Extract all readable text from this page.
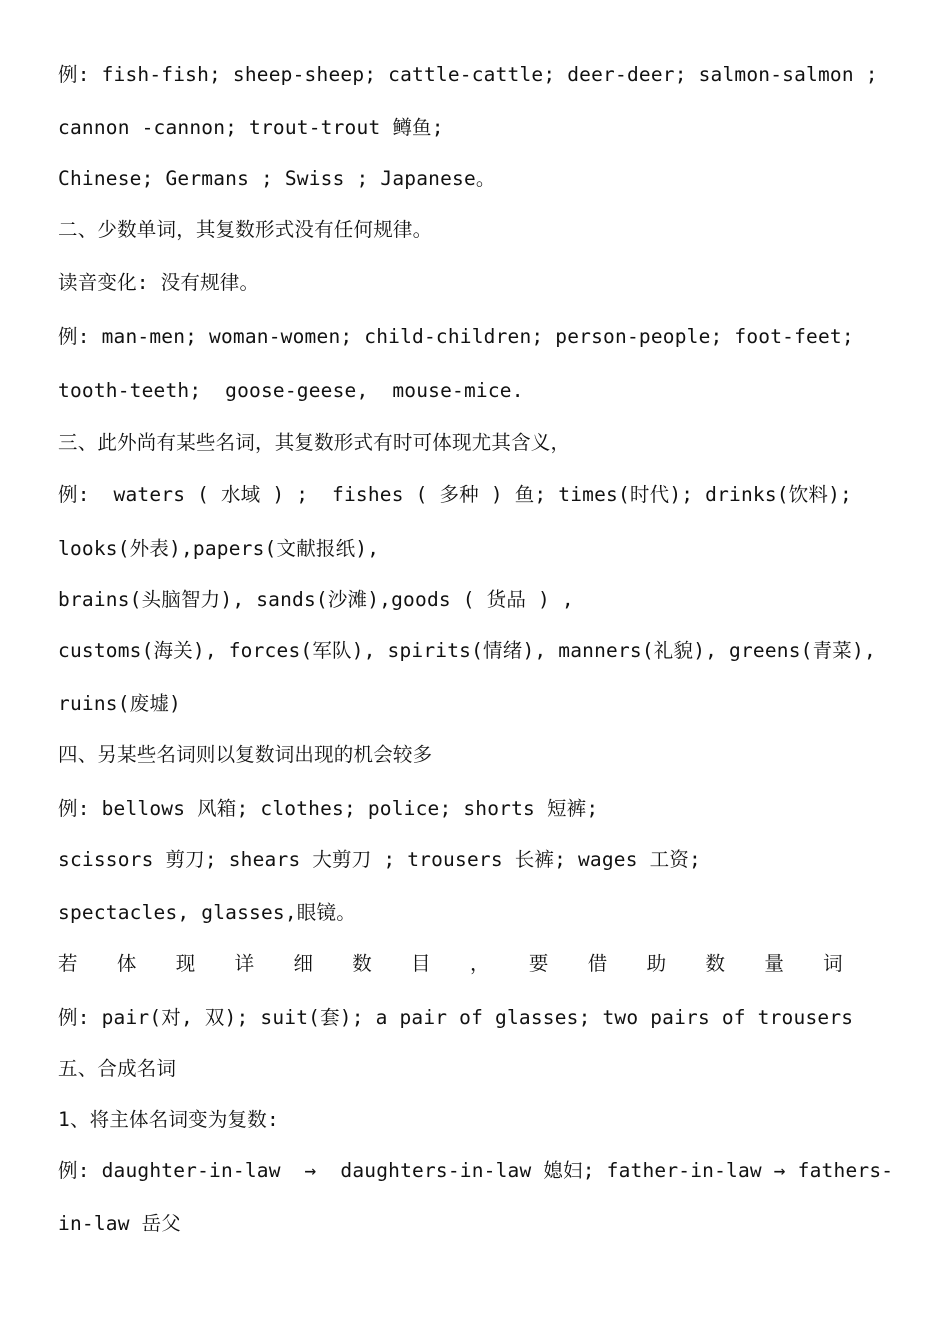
例: fish-fish; sheep-sheep; cattle-cattle; deer-deer; salmon-salmon ;
cannon -cannon; trout-trout 鳟鱼;
Chinese; Germans ; Swiss ; Japanese。
二、少数单词，其复数形式没有任何规律。
读音变化: 没有规律。
例: man-men; woman-women; child-children; person-people; foot-feet;
tooth-teeth;  goose-geese,  mouse-mice.
三、此外尚有某些名词，其复数形式有时可体现尤其含义，
例:  waters ( 水域 ) ;  fishes ( 多种 ) 鱼; times(时代); drinks(饮料);
looks(外表),papers(文献报纸),
brains(头脑智力), sands(沙滩),goods ( 货品 ) ,
customs(海关), forces(军队), spirits(情绪), manners(礼貌), greens(青菜),
ruins(废墟)
四、另某些名词则以复数词出现的机会较多
例: bellows 风箱; clothes; police; shorts 短裤;
scissors 剪刀; shears 大剪刀 ; trousers 长裤; wages 工资;
spectacles, glasses,眼镜。
若 体 现 详 细 数 目 ， 要 借 助 数 量 词
例: pair(对, 双); suit(套); a pair of glasses; two pairs of trousers
五、合成名词
1、将主体名词变为复数:
例: daughter-in-law  →  daughters-in-law 媳妇; father-in-law → fathers-
in-law 岳父
